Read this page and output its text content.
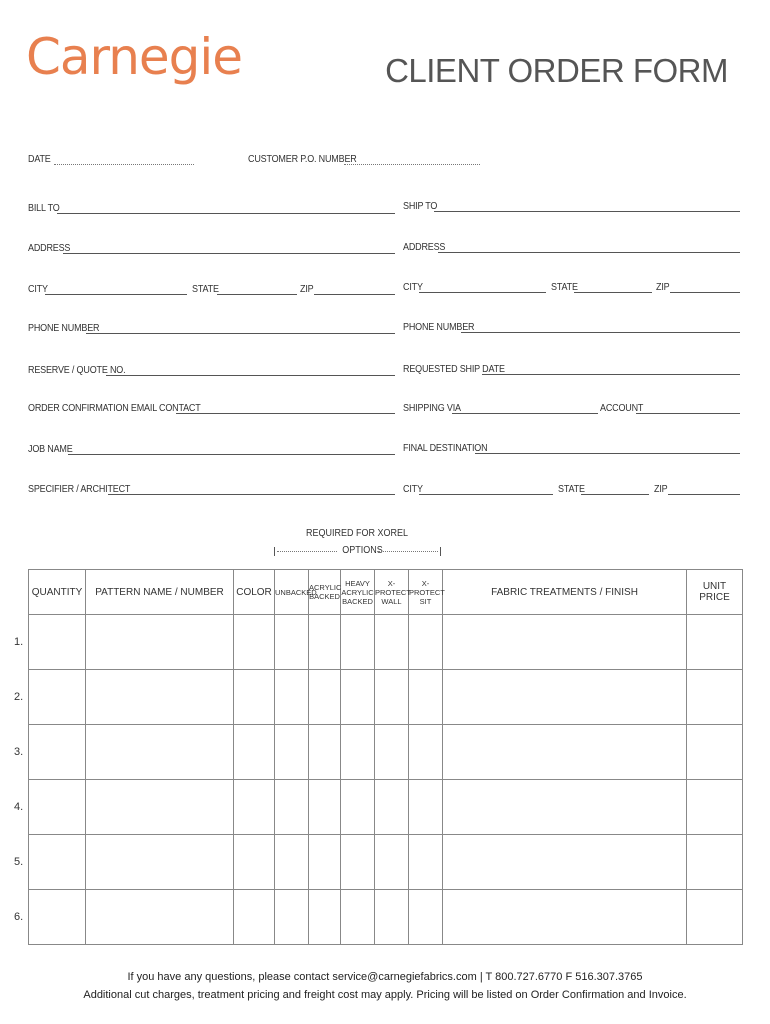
Carnegie	CLIENT ORDER FORM
DATE	CUSTOMER P.O. NUMBER
BILL TO	SHIP TO
ADDRESS	ADDRESS
CITY	STATE	ZIP	CITY	STATE	ZIP
PHONE NUMBER	PHONE NUMBER
RESERVE / QUOTE NO.	REQUESTED SHIP DATE
ORDER CONFIRMATION EMAIL CONTACT	SHIPPING VIA	ACCOUNT
JOB NAME	FINAL DESTINATION
SPECIFIER / ARCHITECT	CITY	STATE	ZIP
REQUIRED FOR XOREL
OPTIONS
QUANTITY	PATTERN NAME / NUMBER	COLOR	UNBACKED	ACRYLIC BACKED	HEAVY ACRYLIC BACKED	X-PROTECT WALL	X-PROTECT SIT	FABRIC TREATMENTS / FINISH	UNIT PRICE

1.
2.
3.
4.
5.
6.
If you have any questions, please contact service@carnegiefabrics.com | T 800.727.6770 F 516.307.3765
Additional cut charges, treatment pricing and freight cost may apply. Pricing will be listed on Order Confirmation and Invoice.
